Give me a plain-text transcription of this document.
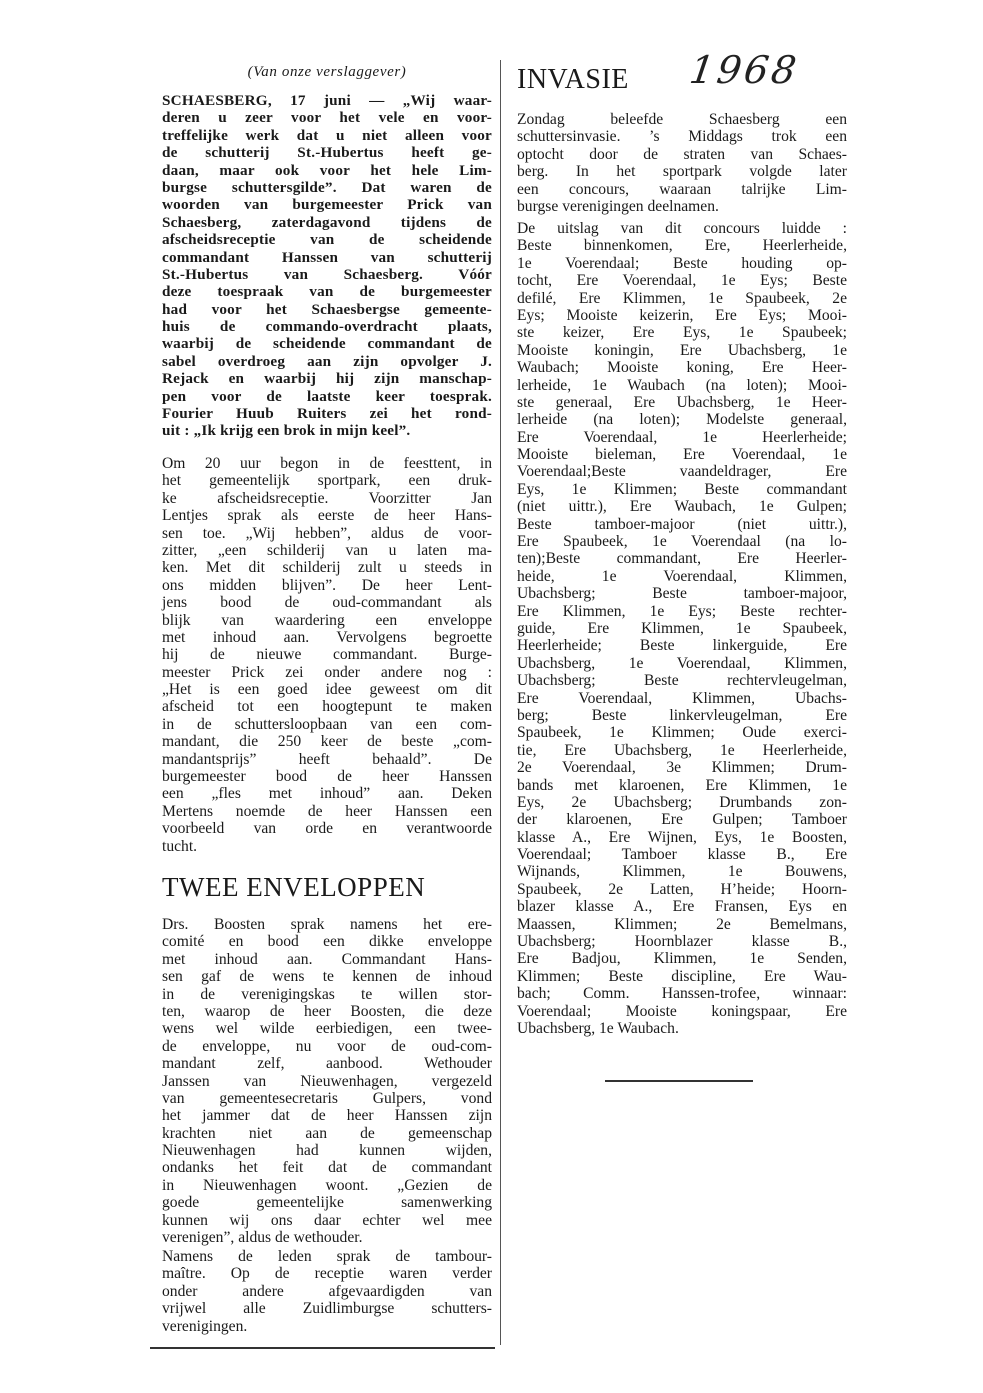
(Van onze verslaggever)
SCHAESBERG, 17 juni — „Wij waar-
deren u zeer voor het vele en voor-
treffelijke werk dat u niet alleen voor
de schutterij St.-Hubertus heeft ge-
daan, maar ook voor het hele Lim-
burgse schuttersgilde”. Dat waren de
woorden van burgemeester Prick van
Schaesberg, zaterdagavond tijdens de
afscheidsreceptie van de scheidende
commandant Hanssen van schutterij
St.-Hubertus van Schaesberg. Vóór
deze toespraak van de burgemeester
had voor het Schaesbergse gemeente-
huis de commando-overdracht plaats,
waarbij de scheidende commandant de
sabel overdroeg aan zijn opvolger J.
Rejack en waarbij hij zijn manschap-
pen voor de laatste keer toesprak.
Fourier Huub Ruiters zei het rond-
uit : „Ik krijg een brok in mijn keel”.
Om 20 uur begon in de feesttent, in
het gemeentelijk sportpark, een druk-
ke afscheidsreceptie. Voorzitter Jan
Lentjes sprak als eerste de heer Hans-
sen toe. „Wij hebben”, aldus de voor-
zitter, „een schilderij van u laten ma-
ken. Met dit schilderij zult u steeds in
ons midden blijven”. De heer Lent-
jens bood de oud-commandant als
blijk van waardering een enveloppe
met inhoud aan. Vervolgens begroette
hij de nieuwe commandant. Burge-
meester Prick zei onder andere nog :
„Het is een goed idee geweest om dit
afscheid tot een hoogtepunt te maken
in de schuttersloopbaan van een com-
mandant, die 250 keer de beste „com-
mandantsprijs” heeft behaald”. De
burgemeester bood de heer Hanssen
een „fles met inhoud” aan. Deken
Mertens noemde de heer Hanssen een
voorbeeld van orde en verantwoorde
tucht.
TWEE ENVELOPPEN
Drs. Boosten sprak namens het ere-
comité en bood een dikke enveloppe
met inhoud aan. Commandant Hans-
sen gaf de wens te kennen de inhoud
in de verenigingskas te willen stor-
ten, waarop de heer Boosten, die deze
wens wel wilde eerbiedigen, een twee-
de enveloppe, nu voor de oud-com-
mandant zelf, aanbood. Wethouder
Janssen van Nieuwenhagen, vergezeld
van gemeentesecretaris Gulpers, vond
het jammer dat de heer Hanssen zijn
krachten niet aan de gemeenschap
Nieuwenhagen had kunnen wijden,
ondanks het feit dat de commandant
in Nieuwenhagen woont. „Gezien de
goede gemeentelijke samenwerking
kunnen wij ons daar echter wel mee
verenigen”, aldus de wethouder.
Namens de leden sprak de tambour-
maître. Op de receptie waren verder
onder andere afgevaardigden van
vrijwel alle Zuidlimburgse schutters-
verenigingen.
INVASIE
Zondag beleefde Schaesberg een
schuttersinvasie. ’s Middags trok een
optocht door de straten van Schaes-
berg. In het sportpark volgde later
een concours, waaraan talrijke Lim-
burgse verenigingen deelnamen.
De uitslag van dit concours luidde :
Beste binnenkomen, Ere, Heerlerheide,
1e Voerendaal; Beste houding op-
tocht, Ere Voerendaal, 1e Eys; Beste
defilé, Ere Klimmen, 1e Spaubeek, 2e
Eys; Mooiste keizerin, Ere Eys; Mooi-
ste keizer, Ere Eys, 1e Spaubeek;
Mooiste koningin, Ere Ubachsberg, 1e
Waubach; Mooiste koning, Ere Heer-
lerheide, 1e Waubach (na loten); Mooi-
ste generaal, Ere Ubachsberg, 1e Heer-
lerheide (na loten); Modelste generaal,
Ere Voerendaal, 1e Heerlerheide;
Mooiste bieleman, Ere Voerendaal, 1e
Voerendaal;Beste vaandeldrager, Ere
Eys, 1e Klimmen; Beste commandant
(niet uittr.), Ere Waubach, 1e Gulpen;
Beste tamboer-majoor (niet uittr.),
Ere Spaubeek, 1e Voerendaal (na lo-
ten);Beste commandant, Ere Heerler-
heide, 1e Voerendaal, Klimmen,
Ubachsberg; Beste tamboer-majoor,
Ere Klimmen, 1e Eys; Beste rechter-
guide, Ere Klimmen, 1e Spaubeek,
Heerlerheide; Beste linkerguide, Ere
Ubachsberg, 1e Voerendaal, Klimmen,
Ubachsberg; Beste rechtervleugelman,
Ere Voerendaal, Klimmen, Ubachs-
berg; Beste linkervleugelman, Ere
Spaubeek, 1e Klimmen; Oude exerci-
tie, Ere Ubachsberg, 1e Heerlerheide,
2e Voerendaal, 3e Klimmen; Drum-
bands met klaroenen, Ere Klimmen, 1e
Eys, 2e Ubachsberg; Drumbands zon-
der klaroenen, Ere Gulpen; Tamboer
klasse A., Ere Wijnen, Eys, 1e Boosten,
Voerendaal; Tamboer klasse B., Ere
Wijnands, Klimmen, 1e Bouwens,
Spaubeek, 2e Latten, H’heide; Hoorn-
blazer klasse A., Ere Fransen, Eys en
Maassen, Klimmen; 2e Bemelmans,
Ubachsberg; Hoornblazer klasse B.,
Ere Badjou, Klimmen, 1e Senden,
Klimmen; Beste discipline, Ere Wau-
bach; Comm. Hanssen-trofee, winnaar:
Voerendaal; Mooiste koningspaar, Ere
Ubachsberg, 1e Waubach.
1968
